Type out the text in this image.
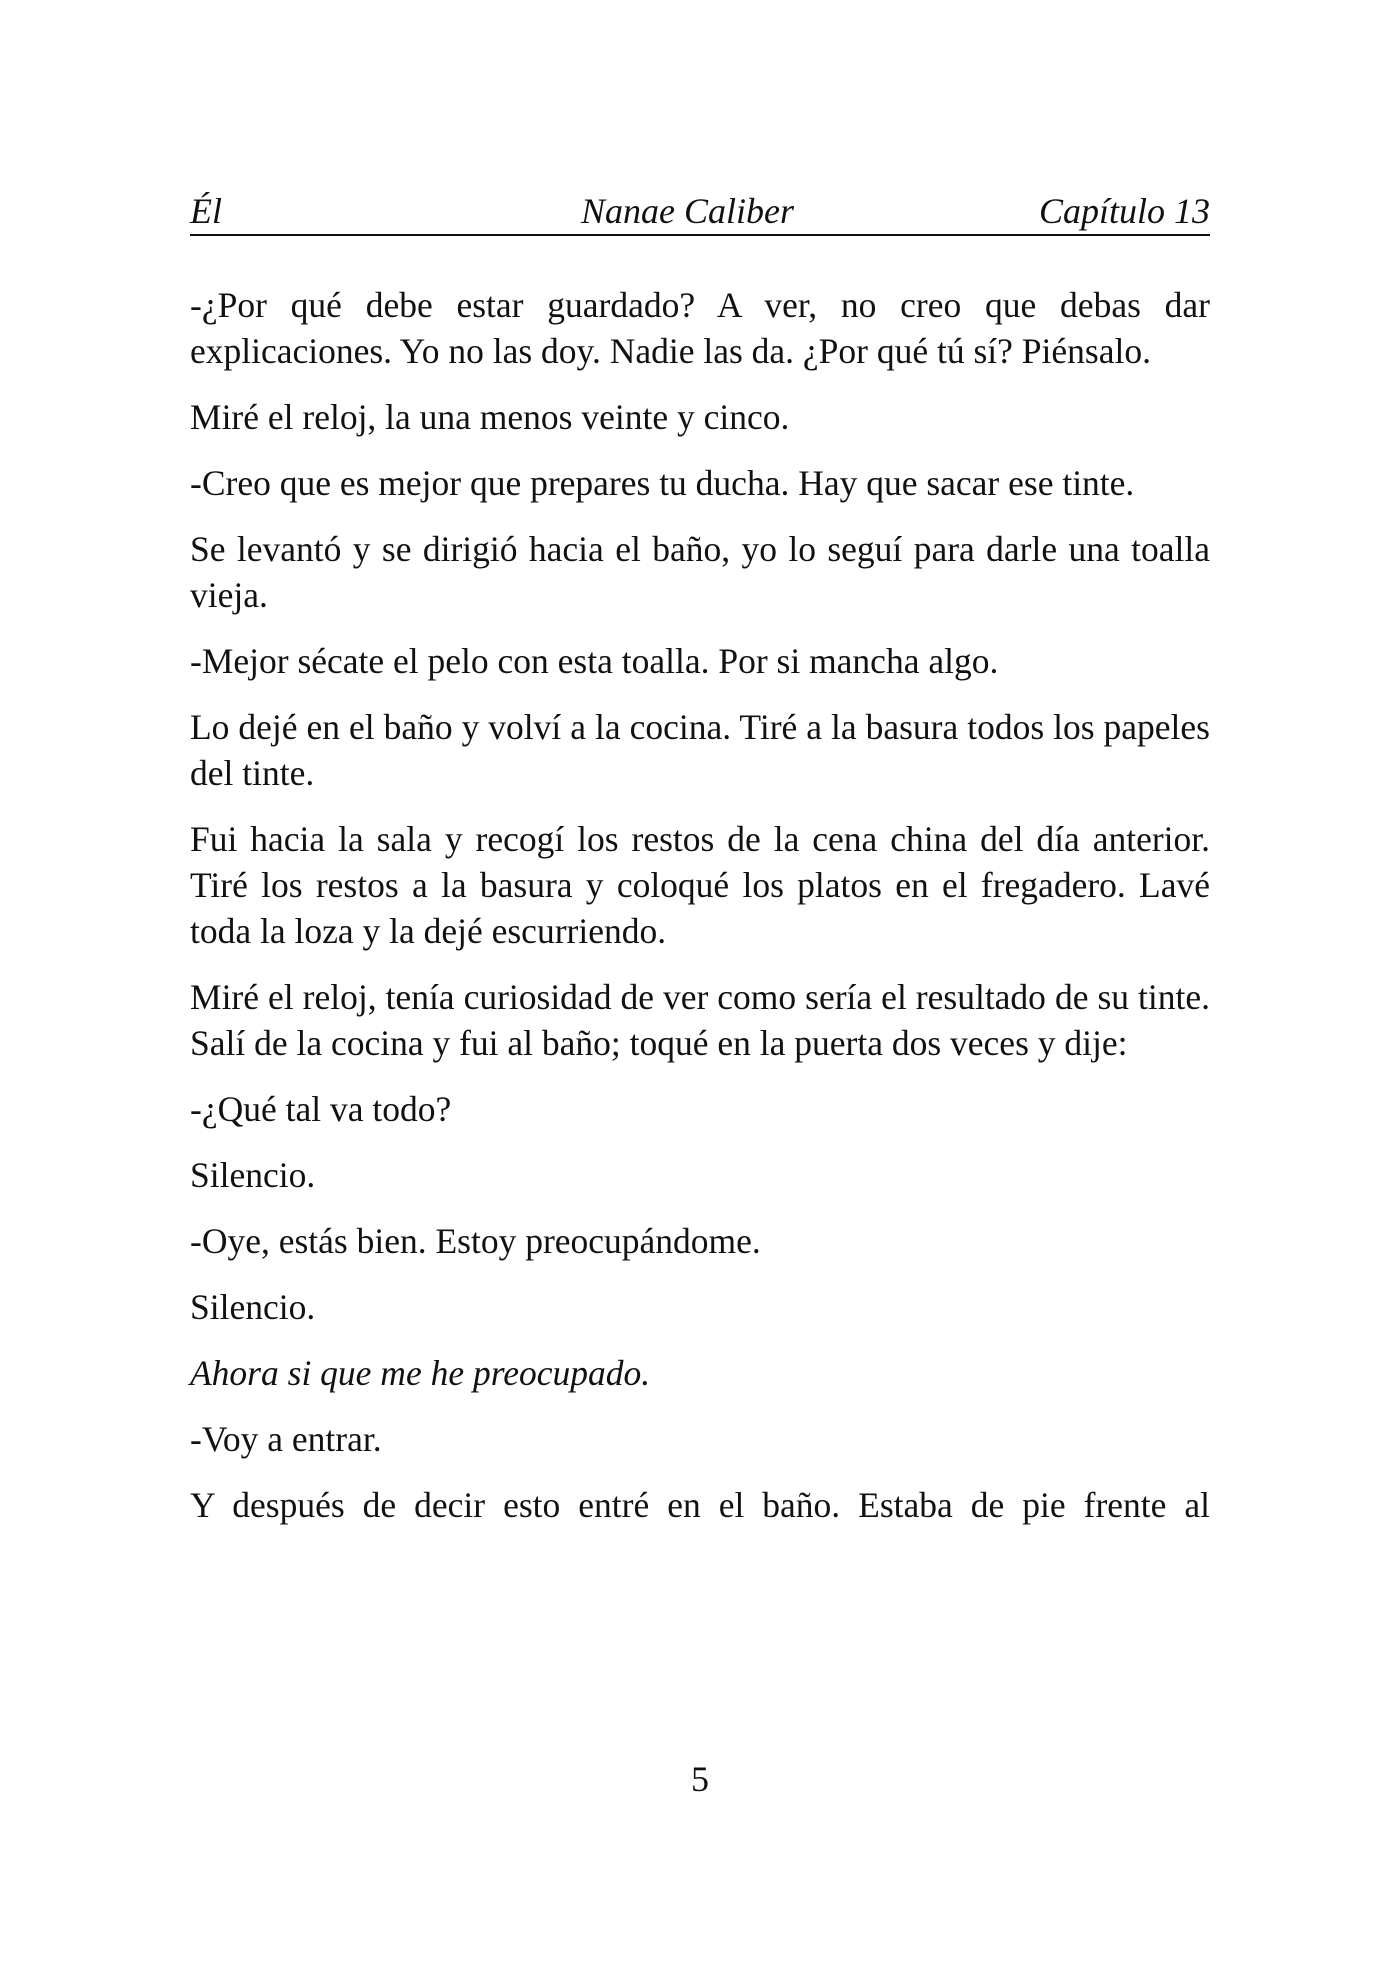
Él	Nanae Caliber	Capítulo 13

-¿Por qué debe estar guardado? A ver, no creo que debas dar explicaciones. Yo no las doy. Nadie las da. ¿Por qué tú sí? Piénsalo.

Miré el reloj, la una menos veinte y cinco.

-Creo que es mejor que prepares tu ducha. Hay que sacar ese tinte.

Se levantó y se dirigió hacia el baño, yo lo seguí para darle una toalla vieja.

-Mejor sécate el pelo con esta toalla. Por si mancha algo.

Lo dejé en el baño y volví a la cocina. Tiré a la basura todos los papeles del tinte.

Fui hacia la sala y recogí los restos de la cena china del día anterior. Tiré los restos a la basura y coloqué los platos en el fregadero. Lavé toda la loza y la dejé escurriendo.

Miré el reloj, tenía curiosidad de ver como sería el resultado de su tinte. Salí de la cocina y fui al baño; toqué en la puerta dos veces y dije:

-¿Qué tal va todo?

Silencio.

-Oye, estás bien. Estoy preocupándome.

Silencio.

Ahora si que me he preocupado.

-Voy a entrar.

Y después de decir esto entré en el baño. Estaba de pie frente al

5
